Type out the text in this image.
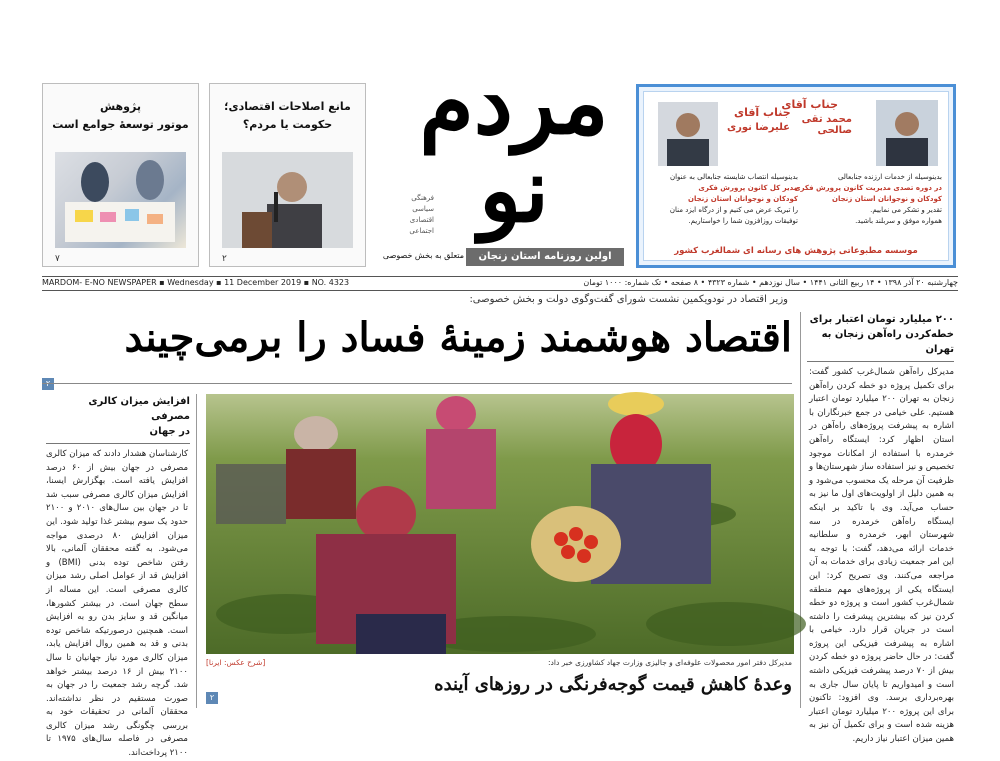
پژوهش
موتور توسعهٔ جوامع است
۷
مانع اصلاحات اقتصادی؛
حکومت یا مردم؟
۲
مردم نو
فرهنگی
سیاسی
اقتصادی
اجتماعی
اولین روزنامه استان زنجان
متعلق به بخش خصوصی
جناب آقای
محمد تقی صالحی
بدینوسیله از خدمات ارزنده جنابعالی
در دوره تصدی مدیریت کانون پرورش فکری
کودکان و نوجوانان استان زنجان
تقدیر و تشکر می نماییم.
همواره موفق و سربلند باشید.
جناب آقای
علیرضا نوری
بدینوسیله انتصاب شایسته جنابعالی به عنوان
مدیر کل کانون پرورش فکری
کودکان و نوجوانان استان زنجان
را تبریک عرض می کنیم و از درگاه ایزد منان
توفیقات روزافزون شما را خواستاریم.
موسسه مطبوعاتی پژوهش های رسانه ای شمالغرب کشور
MARDOM- E-NO NEWSPAPER ▪ Wednesday ▪ 11 December 2019 ▪ NO. 4323	چهارشنبه ۲۰ آذر ۱۳۹۸ • ۱۴ ربیع الثانی ۱۴۴۱ • سال نوزدهم • شماره ۴۳۲۳ • ۸ صفحه • تک شماره: ۱۰۰۰ تومان
وزیر اقتصاد در نودویکمین نشست شورای گفت‌وگوی دولت و بخش خصوصی:
اقتصاد هوشمند زمینهٔ فساد را برمی‌چیند	۲۰۰ میلیارد تومان اعتبار برای
خطه‌کردن راه‌آهن زنجان به تهران
مدیرکل راه‌آهن شمال‌غرب کشور گفت: برای تکمیل پروژه دو خطه کردن راه‌آهن زنجان به تهران ۲۰۰ میلیارد تومان اعتبار هستیم. علی خیامی در جمع خبرنگاران با اشاره به پیشرفت پروژه‌های راه‌آهن در استان اظهار کرد: ایستگاه راه‌آهن خرمدره با استفاده از امکانات موجود تخصیص و نیز استفاده ساز شهرستان‌ها و ظرفیت آن مرحله یک محسوب می‌شود و به همین دلیل از اولویت‌های اول ما نیز به حساب می‌آید. وی با تاکید بر اینکه ایستگاه راه‌آهن خرمدره در سه شهرستان ابهر، خرمدره و سلطانیه خدمات ارائه می‌دهد، گفت: با توجه به این امر جمعیت زیادی برای خدمات به آن مراجعه می‌کنند. وی تصریح کرد: این ایستگاه یکی از پروژه‌های مهم منطقه شمال‌غرب کشور است و پروژه دو خطه کردن نیز که بیشترین پیشرفت را داشته است در جریان قرار دارد. خیامی با اشاره به پیشرفت فیزیکی این پروژه گفت: در حال حاضر پروژه دو خطه کردن بیش از ۷۰ درصد پیشرفت فیزیکی داشته است و امیدواریم تا پایان سال جاری به بهره‌برداری برسد. وی افزود: تاکنون برای این پروژه ۲۰۰ میلیارد تومان اعتبار هزینه شده است و برای تکمیل آن نیز به همین میزان اعتبار نیاز داریم.
افزایش میزان کالری مصرفی
در جهان
کارشناسان هشدار دادند که میزان کالری مصرفی در جهان بیش از ۶۰ درصد افزایش یافته است. بهگزارش ایسنا، افزایش میزان کالری مصرفی سبب شد تا در جهان بین سال‌های ۲۰۱۰ و ۲۱۰۰ حدود یک سوم بیشتر غذا تولید شود. این میزان افزایش ۸۰ درصدی مواجه می‌شود. به گفته محققان آلمانی، بالا رفتن شاخص توده بدنی (BMI) و افزایش قد از عوامل اصلی رشد میزان کالری مصرفی است. این مساله از سطح جهان است. در بیشتر کشورها، میانگین قد و سایز بدن رو به افزایش است. همچنین درصورتیکه شاخص توده بدنی و قد به همین روال افزایش یابد، میزان کالری مورد نیاز جهانیان تا سال ۲۱۰۰ بیش از ۱۶ درصد بیشتر خواهد شد. گرچه رشد جمعیت را در جهان به صورت مستقیم در نظر نداشته‌اند. محققان آلمانی در تحقیقات خود به بررسی چگونگی رشد میزان کالری مصرفی در فاصله سال‌های ۱۹۷۵ تا ۲۱۰۰ پرداخت‌اند.
[شرح عکس: ایرنا]	مدیرکل دفتر امور محصولات علوفه‌ای و جالیزی وزارت جهاد کشاورزی خبر داد:
وعدهٔ کاهش قیمت گوجه‌فرنگی در روزهای آینده
۲
